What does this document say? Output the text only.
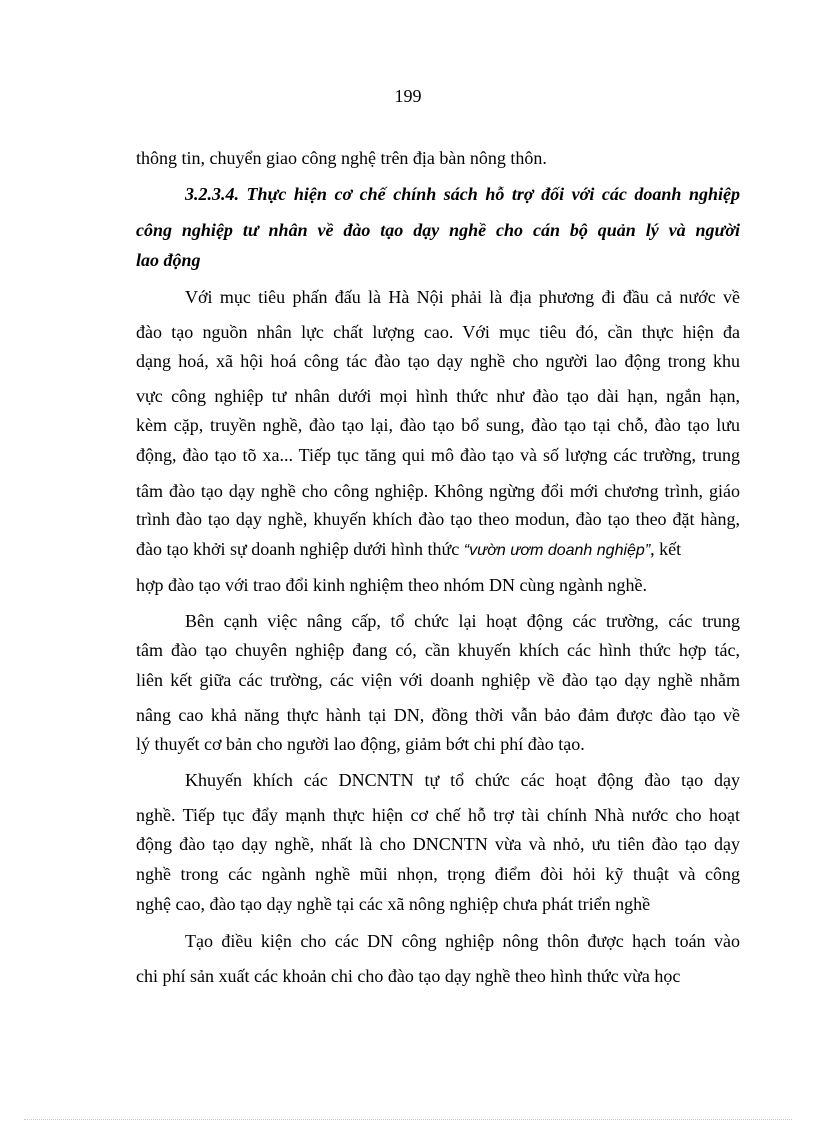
199
thông tin, chuyển giao công nghệ trên địa bàn nông thôn.
3.2.3.4. Thực hiện cơ chế chính sách hỗ trợ đối với các doanh nghiệp
công nghiệp tư nhân về đào tạo dạy nghề cho cán bộ quản lý và người
lao động
Với mục tiêu phấn đấu là Hà Nội phải là địa phương đi đầu cả nước về
đào tạo nguồn nhân lực chất lượng cao. Với mục tiêu đó, cần thực hiện đa
dạng hoá, xã hội hoá công tác đào tạo dạy nghề cho người lao động trong khu
vực công nghiệp tư nhân dưới mọi hình thức như đào tạo dài hạn, ngắn hạn,
kèm cặp, truyền nghề, đào tạo lại, đào tạo bổ sung, đào tạo tại chỗ, đào tạo lưu
động, đào tạo tõ xa... Tiếp tục tăng qui mô đào tạo và số lượng các trường, trung
tâm đào tạo dạy nghề cho công nghiệp. Không ngừng đổi mới chương trình, giáo
trình đào tạo dạy nghề, khuyến khích đào tạo theo modun, đào tạo theo đặt hàng,
đào tạo khởi sự doanh nghiệp dưới hình thức “vườn ươm doanh nghiệp”, kết
hợp đào tạo với trao đổi kinh nghiệm theo nhóm DN cùng ngành nghề.
Bên cạnh việc nâng cấp, tổ chức lại hoạt động các trường, các trung
tâm đào tạo chuyên nghiệp đang có, cần khuyến khích các hình thức hợp tác,
liên kết giữa các trường, các viện với doanh nghiệp về đào tạo dạy nghề nhằm
nâng cao khả năng thực hành tại DN, đồng thời vẫn bảo đảm được đào tạo về
lý thuyết cơ bản cho người lao động, giảm bớt chi phí đào tạo.
Khuyến khích các DNCNTN tự tổ chức các hoạt động đào tạo dạy
nghề. Tiếp tục đẩy mạnh thực hiện cơ chế hỗ trợ tài chính Nhà nước cho hoạt
động đào tạo dạy nghề, nhất là cho DNCNTN vừa và nhỏ, ưu tiên đào tạo dạy
nghề trong các ngành nghề mũi nhọn, trọng điểm đòi hỏi kỹ thuật và công
nghệ cao, đào tạo dạy nghề tại các xã nông nghiệp chưa phát triển nghề
Tạo điều kiện cho các DN công nghiệp nông thôn được hạch toán vào
chi phí sản xuất các khoản chi cho đào tạo dạy nghề theo hình thức vừa học
